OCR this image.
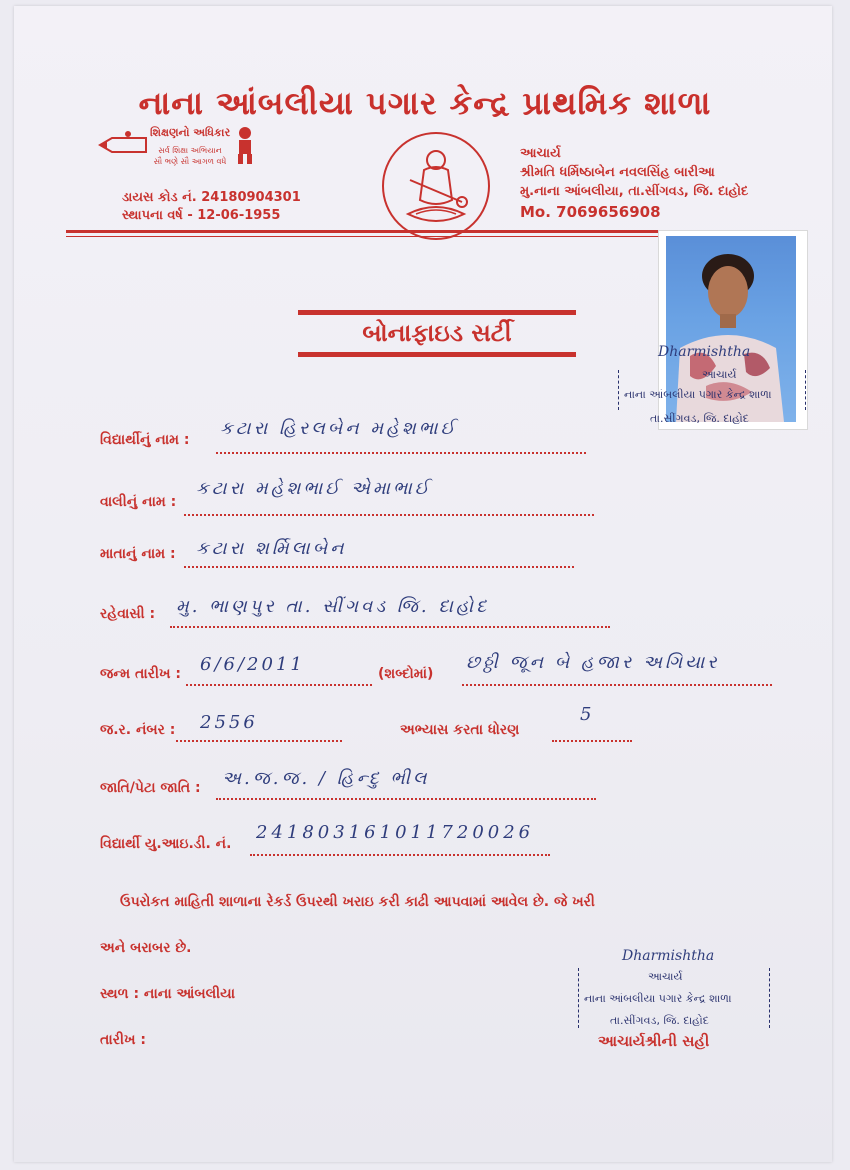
નાના આંબલીયા પગાર કેન્દ્ર પ્રાથમિક શાળા
શિક્ષણનો અધિકાર
સર્વ શિક્ષા અભિયાન
સૌ ભણે સૌ આગળ વધે
ડાયસ કોડ નં. 24180904301
સ્થાપના વર્ષ - 12-06-1955
આચાર્ય
શ્રીમતિ ધર્મિષ્ઠાબેન નવલસિંહ બારીઆ
મુ.નાના આંબલીયા, તા.સીંગવડ, જિ. દાહોદ
Mo. 7069656908
Dharmishtha
આચાર્ય
નાના આંબલીયા પગાર કેન્દ્ર શાળા
તા.સીંગવડ, જિ. દાહોદ
બોનાફાઇડ સર્ટી
વિદ્યાર્થીનું નામ :
કટારા હિરલબેન મહેશભાઈ
વાલીનું નામ :
કટારા મહેશભાઈ એમાભાઈ
માતાનું નામ : કટારા શર્મિલાબેન
રહેવાસી : મુ. ભાણપુર તા. સીંગવડ જિ. દાહોદ
જન્મ તારીખ : 6/6/2011	(શબ્દોમાં)
છઠ્ઠી જૂન બે હજાર અગિયાર
જ.ર. નંબર : 2556	અભ્યાસ કરતા ધોરણ
5
જાતિ/પેટા જાતિ : અ.જ.જ. / હિન્દુ ભીલ
વિદ્યાર્થી યુ.આઇ.ડી. નં.
241803161011720026
ઉપરોકત માહિતી શાળાના રેકર્ડ ઉપરથી ખરાઇ કરી કાઢી આપવામાં આવેલ છે. જે ખરી
અને બરાબર છે.
સ્થળ : નાના આંબલીયા
તારીખ :
Dharmishtha
આચાર્ય
નાના આંબલીયા પગાર કેન્દ્ર શાળા
તા.સીંગવડ, જિ. દાહોદ
આચાર્યશ્રીની સહી
